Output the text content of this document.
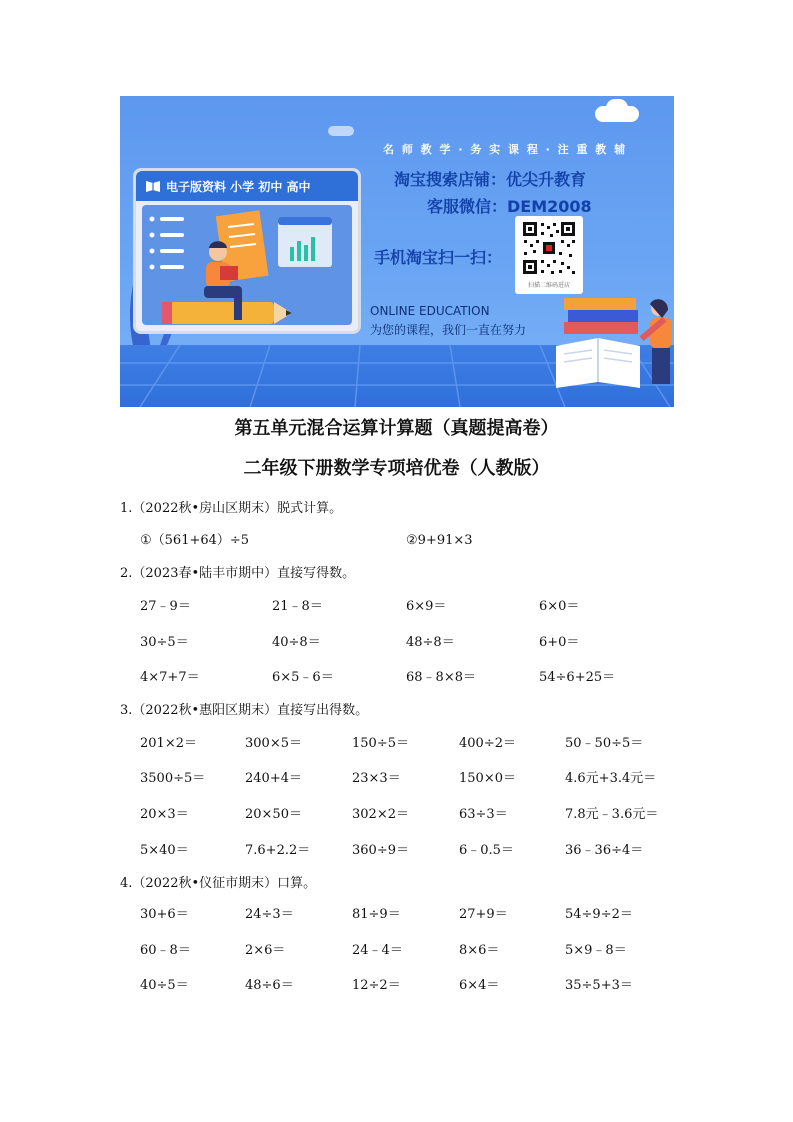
名 师 教 学 · 务 实 课 程 · 注 重 教 辅
淘宝搜索店铺：优尖升教育
客服微信：DEM2008
手机淘宝扫一扫：
扫描二维码进店
ONLINE EDUCATION
为您的课程，我们一直在努力
电子版资料 小学 初中 高中
第五单元混合运算计算题（真题提高卷）
二年级下册数学专项培优卷（人教版）
1.（2022秋•房山区期末）脱式计算。
①（561+64）÷5	②9+91×3
2.（2023春•陆丰市期中）直接写得数。
27﹣9＝	21﹣8＝	6×9＝	6×0＝
30÷5＝	40÷8＝	48÷8＝	6+0＝
4×7+7＝	6×5﹣6＝	68﹣8×8＝	54÷6+25＝
3.（2022秋•惠阳区期末）直接写出得数。
201×2＝	300×5＝	150÷5＝	400÷2＝	50﹣50÷5＝
3500÷5＝	240+4＝	23×3＝	150×0＝	4.6元+3.4元＝
20×3＝	20×50＝	302×2＝	63÷3＝	7.8元﹣3.6元＝
5×40＝	7.6+2.2＝	360÷9＝	6﹣0.5＝	36﹣36÷4＝
4.（2022秋•仪征市期末）口算。
30+6＝	24÷3＝	81÷9＝	27+9＝	54÷9÷2＝
60﹣8＝	2×6＝	24﹣4＝	8×6＝	5×9﹣8＝
40÷5＝	48÷6＝	12÷2＝	6×4＝	35÷5+3＝
